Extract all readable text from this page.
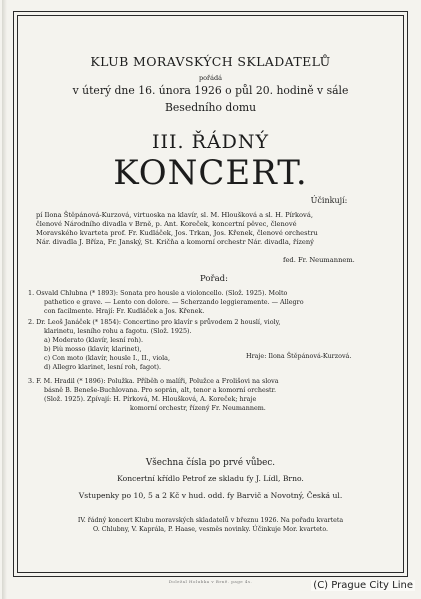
KLUB MORAVSKÝCH SKLADATELŮ
pořádá
v úterý dne 16. února 1926 o půl 20. hodině v sále
Besedního domu
III. ŘÁDNÝ
KONCERT.
Účinkují:
pí Ilona Štěpánová-Kurzová, virtuoska na klavír, sl. M. Hloušková a sl. H. Pírková,
členové Národního divadla v Brně, p. Ant. Koreček, koncertní pěvec, členové
Moravského kvarteta prof. Fr. Kudláček, Jos. Trkan, Jos. Křenek, členové orchestru
Nár. divadla J. Bříza, Fr. Janský, St. Kričňa a komorní orchestr Nár. divadla, řízený
fed. Fr. Neumannem.
Pořad:
1. Osvald Chlubna (* 1893): Sonata pro housle a violoncello. (Slož. 1925). Molto
pathetico e grave. — Lento con dolore. — Scherzando leggieramente. — Allegro
con facilmente. Hrají: Fr. Kudláček a Jos. Křenek.
2. Dr. Leoš Janáček (* 1854): Concertino pro klavír s průvodem 2 houslí, violy,
klarinetu, lesního rohu a fagotu. (Slož. 1925).
a) Moderato (klavír, lesní roh).
b) Più mosso (klavír, klarinet),
c) Con moto (klavír, housle I., II., viola,
d) Allegro klarinet, lesní roh, fagot).
Hraje: Ilona Štěpánová-Kurzová.
3. F. M. Hradil (* 1896): Polužka. Příběh o malíři, Polužce a Frolišovi na slova
básně B. Beneše-Buchlovana. Pro soprán, alt, tenor a komorní orchestr.
(Slož. 1925). Zpívají: H. Pírková, M. Hloušková, A. Koreček; hraje
komorní orchestr, řízený Fr. Neumannem.
Všechna čísla po prvé vůbec.
Koncertní křídlo Petrof ze skladu fy J. Lídl, Brno.
Vstupenky po 10, 5 a 2 Kč v hud. odd. fy Barvič a Novotný, Česká ul.
IV. řádný koncert Klubu moravských skladatelů v březnu 1926. Na pořadu kvarteta
O. Chlubny, V. Kaprála, P. Haase, vesměs novinky. Účinkuje Mor. kvarteto.
Doležal Holubka v Brně. page 4s.	(C) Prague City Line
